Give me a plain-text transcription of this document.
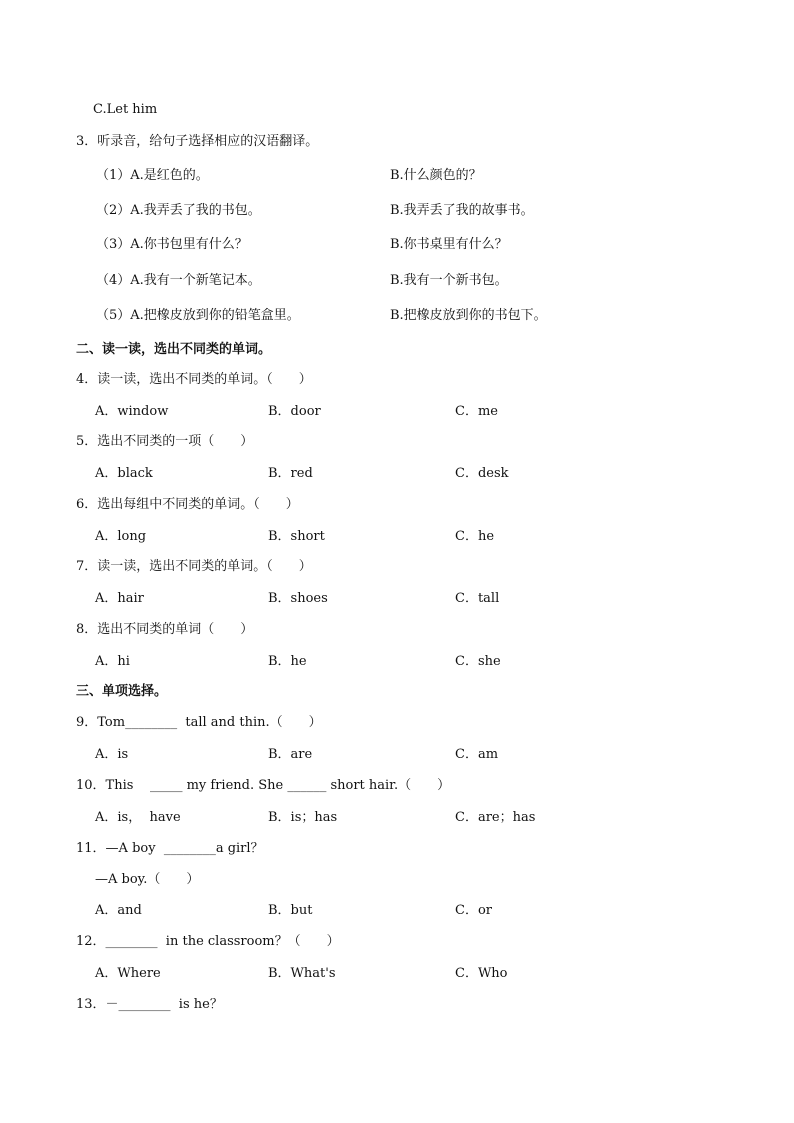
C.Let him
3．听录音，给句子选择相应的汉语翻译。
（1）A.是红色的。	B.什么颜色的？
（2）A.我弄丢了我的书包。	B.我弄丢了我的故事书。
（3）A.你书包里有什么？	B.你书桌里有什么？
（4）A.我有一个新笔记本。	B.我有一个新书包。
（5）A.把橡皮放到你的铅笔盒里。	B.把橡皮放到你的书包下。
二、读一读，选出不同类的单词。
4．读一读，选出不同类的单词。（　　）
A．window	B．door	C．me
5．选出不同类的一项（　　）
A．black	B．red	C．desk
6．选出每组中不同类的单词。（　　）
A．long	B．short	C．he
7．读一读，选出不同类的单词。（　　）
A．hair	B．shoes	C．tall
8．选出不同类的单词（　　）
A．hi	B．he	C．she
三、单项选择。
9．Tom________  tall and thin.（　　）
A．is	B．are	C．am
10．This    _____ my friend. She ______ short hair.（　　）
A．is，  have	B．is；has	C．are；has
11．—A boy  ________a girl？
—A boy.（　　）
A．and	B．but	C．or
12．________  in the classroom？（　　）
A．Where	B．What's	C．Who
13．－________  is he？
